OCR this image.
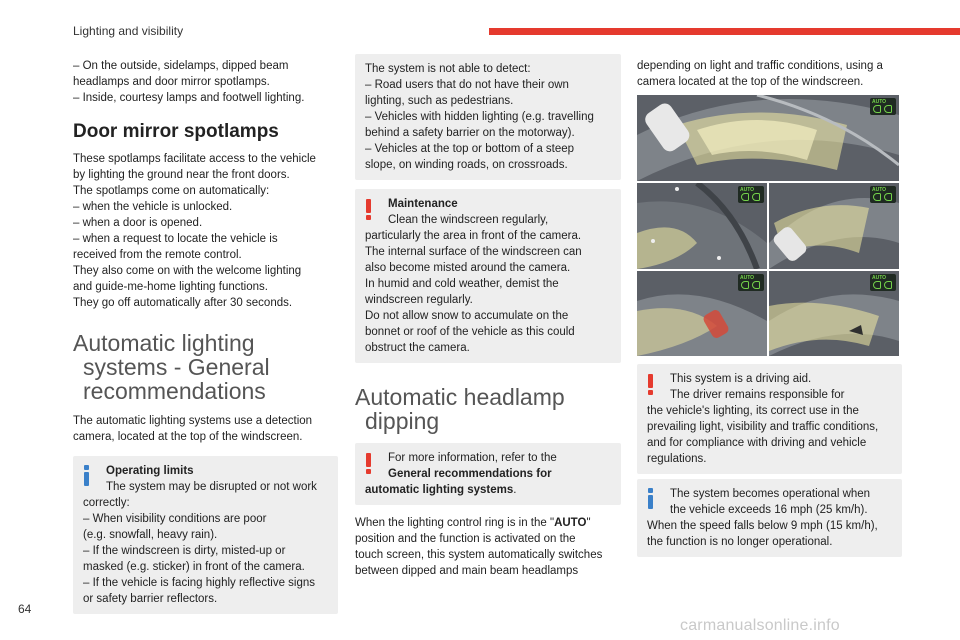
Lighting and visibility

– On the outside, sidelamps, dipped beam
headlamps and door mirror spotlamps.
– Inside, courtesy lamps and footwell lighting.

Door mirror spotlamps

These spotlamps facilitate access to the vehicle
by lighting the ground near the front doors.
The spotlamps come on automatically:
– when the vehicle is unlocked.
– when a door is opened.
– when a request to locate the vehicle is
received from the remote control.
They also come on with the welcome lighting
and guide-me-home lighting functions.
They go off automatically after 30 seconds.

Automatic lighting
systems - General
recommendations

The automatic lighting systems use a detection
camera, located at the top of the windscreen.

Operating limits
The system may be disrupted or not work
correctly:
– When visibility conditions are poor
(e.g. snowfall, heavy rain).
– If the windscreen is dirty, misted-up or
masked (e.g. sticker) in front of the camera.
– If the vehicle is facing highly reflective signs
or safety barrier reflectors.

The system is not able to detect:
– Road users that do not have their own
lighting, such as pedestrians.
– Vehicles with hidden lighting (e.g. travelling
behind a safety barrier on the motorway).
– Vehicles at the top or bottom of a steep
slope, on winding roads, on crossroads.

Maintenance
Clean the windscreen regularly,
particularly the area in front of the camera.
The internal surface of the windscreen can
also become misted around the camera.
In humid and cold weather, demist the
windscreen regularly.
Do not allow snow to accumulate on the
bonnet or roof of the vehicle as this could
obstruct the camera.

Automatic headlamp
dipping

For more information, refer to the
General recommendations for
automatic lighting systems.

When the lighting control ring is in the "AUTO"
position and the function is activated on the
touch screen, this system automatically switches
between dipped and main beam headlamps

depending on light and traffic conditions, using a
camera located at the top of the windscreen.

AUTO
AUTO	AUTO
AUTO	AUTO

This system is a driving aid.
The driver remains responsible for
the vehicle's lighting, its correct use in the
prevailing light, visibility and traffic conditions,
and for compliance with driving and vehicle
regulations.

The system becomes operational when
the vehicle exceeds 16 mph (25 km/h).
When the speed falls below 9 mph (15 km/h),
the function is no longer operational.

64
carmanualsonline.info
